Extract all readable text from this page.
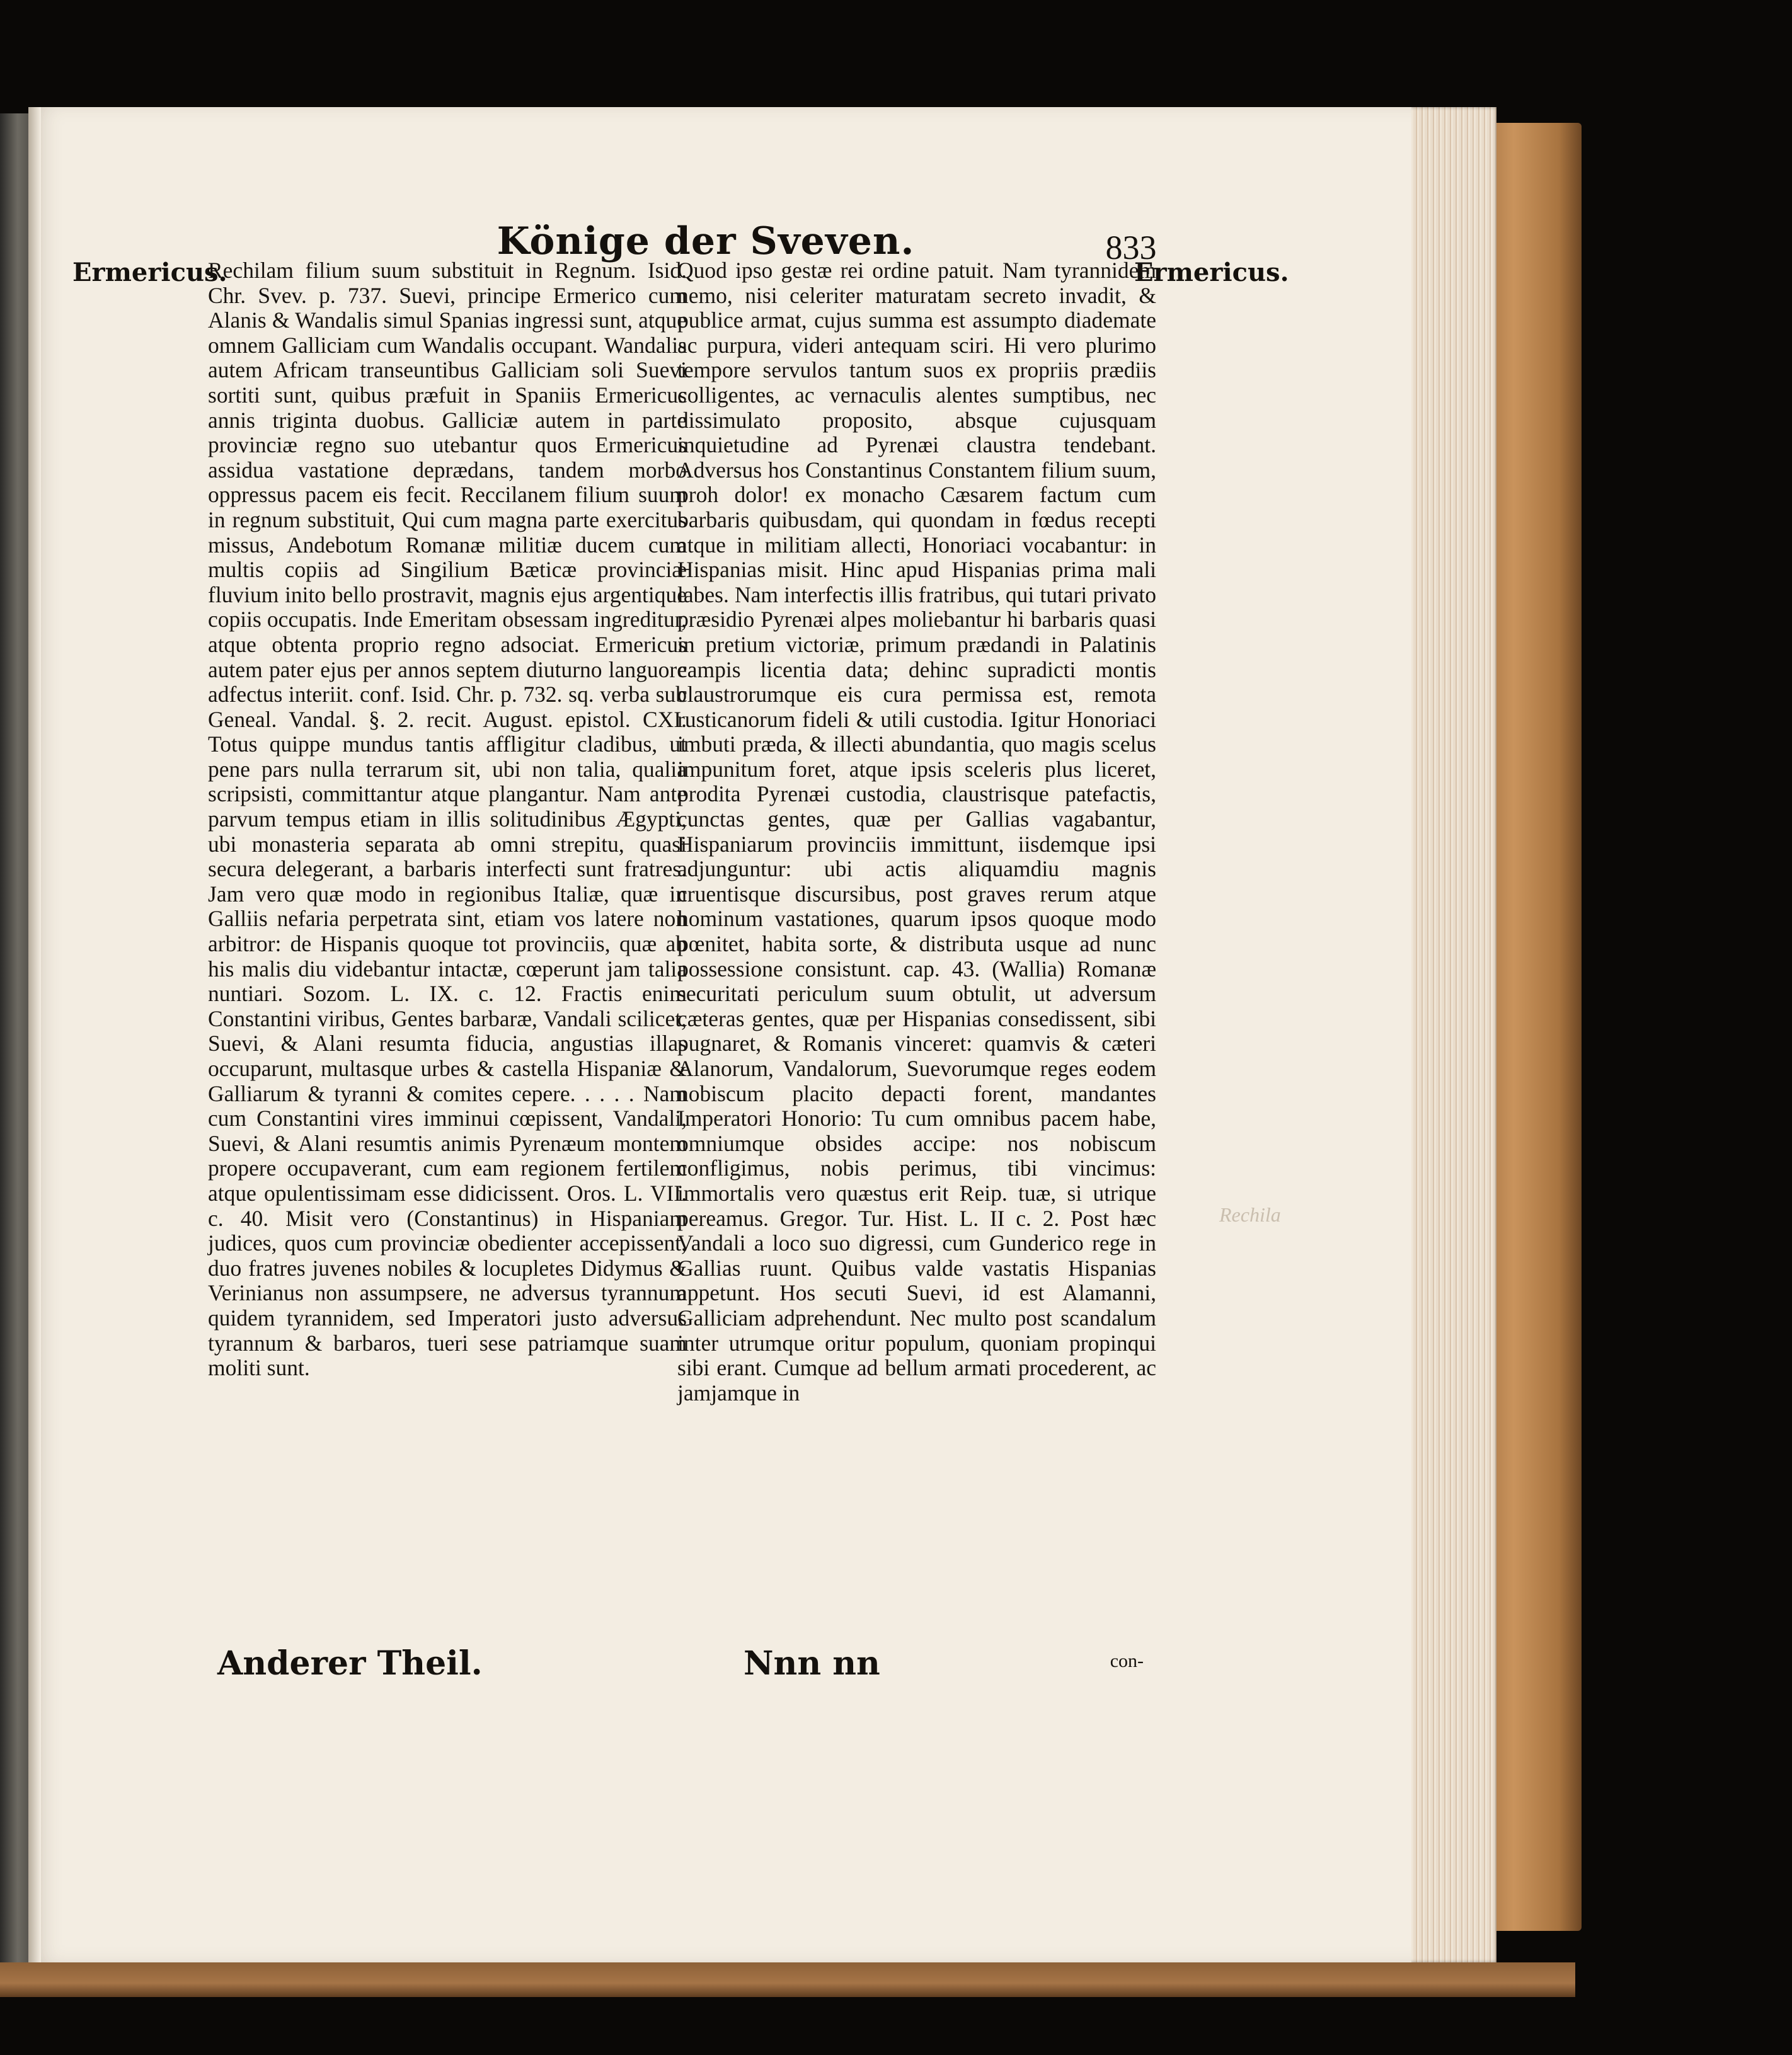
Könige der Sveven.	833
Ermericus.	Ermericus.

Rechilam filium suum substituit in Regnum. Isid. Chr. Svev. p. 737. Suevi, principe Ermerico cum Alanis & Wandalis simul Spanias ingressi sunt, atque omnem Galliciam cum Wandalis occupant. Wandalis autem Africam transeuntibus Galliciam soli Suevi sortiti sunt, quibus præfuit in Spaniis Ermericus annis triginta duobus. Galliciæ autem in parte provinciæ regno suo utebantur quos Ermericus assidua vastatione deprædans, tandem morbo oppressus pacem eis fecit. Reccilanem filium suum in regnum substituit, Qui cum magna parte exercitus missus, Andebotum Romanæ militiæ ducem cum multis copiis ad Singilium Bæticæ provinciæ fluvium inito bello prostravit, magnis ejus argentique copiis occupatis. Inde Emeritam obsessam ingreditur, atque obtenta proprio regno adsociat. Ermericus autem pater ejus per annos septem diuturno languore adfectus interiit. conf. Isid. Chr. p. 732. sq. verba sub Geneal. Vandal. §. 2. recit. August. epistol. CXI. Totus quippe mundus tantis affligitur cladibus, ut pene pars nulla terrarum sit, ubi non talia, qualia scripsisti, committantur atque plangantur. Nam ante parvum tempus etiam in illis solitudinibus Ægypti, ubi monasteria separata ab omni strepitu, quasi secura delegerant, a barbaris interfecti sunt fratres. Jam vero quæ modo in regionibus Italiæ, quæ in Galliis nefaria perpetrata sint, etiam vos latere non arbitror: de Hispanis quoque tot provinciis, quæ ab his malis diu videbantur intactæ, cœperunt jam talia nuntiari. Sozom. L. IX. c. 12. Fractis enim Constantini viribus, Gentes barbaræ, Vandali scilicet, Suevi, & Alani resumta fiducia, angustias illas occuparunt, multasque urbes & castella Hispaniæ & Galliarum & tyranni & comites cepere. . . . . Nam cum Constantini vires imminui cœpissent, Vandali, Suevi, & Alani resumtis animis Pyrenæum montem propere occupaverant, cum eam regionem fertilem atque opulentissimam esse didicissent. Oros. L. VII. c. 40. Misit vero (Constantinus) in Hispaniam judices, quos cum provinciæ obedienter accepissent, duo fratres juvenes nobiles & locupletes Didymus & Verinianus non assumpsere, ne adversus tyrannum quidem tyrannidem, sed Imperatori justo adversus tyrannum & barbaros, tueri sese patriamque suam moliti sunt.

Quod ipso gestæ rei ordine patuit. Nam tyrannidem nemo, nisi celeriter maturatam secreto invadit, & publice armat, cujus summa est assumpto diademate ac purpura, videri antequam sciri. Hi vero plurimo tempore servulos tantum suos ex propriis prædiis colligentes, ac vernaculis alentes sumptibus, nec dissimulato proposito, absque cujusquam inquietudine ad Pyrenæi claustra tendebant. Adversus hos Constantinus Constantem filium suum, proh dolor! ex monacho Cæsarem factum cum barbaris quibusdam, qui quondam in fœdus recepti atque in militiam allecti, Honoriaci vocabantur: in Hispanias misit. Hinc apud Hispanias prima mali labes. Nam interfectis illis fratribus, qui tutari privato præsidio Pyrenæi alpes moliebantur hi barbaris quasi in pretium victoriæ, primum prædandi in Palatinis campis licentia data; dehinc supradicti montis claustrorumque eis cura permissa est, remota rusticanorum fideli & utili custodia. Igitur Honoriaci imbuti præda, & illecti abundantia, quo magis scelus impunitum foret, atque ipsis sceleris plus liceret, prodita Pyrenæi custodia, claustrisque patefactis, cunctas gentes, quæ per Gallias vagabantur, Hispaniarum provinciis immittunt, iisdemque ipsi adjunguntur: ubi actis aliquamdiu magnis cruentisque discursibus, post graves rerum atque hominum vastationes, quarum ipsos quoque modo pœnitet, habita sorte, & distributa usque ad nunc possessione consistunt. cap. 43. (Wallia) Romanæ securitati periculum suum obtulit, ut adversum cæteras gentes, quæ per Hispanias consedissent, sibi pugnaret, & Romanis vinceret: quamvis & cæteri Alanorum, Vandalorum, Suevorumque reges eodem nobiscum placito depacti forent, mandantes Imperatori Honorio: Tu cum omnibus pacem habe, omniumque obsides accipe: nos nobiscum confligimus, nobis perimus, tibi vincimus: immortalis vero quæstus erit Reip. tuæ, si utrique pereamus. Gregor. Tur. Hist. L. II c. 2. Post hæc Vandali a loco suo digressi, cum Gunderico rege in Gallias ruunt. Quibus valde vastatis Hispanias appetunt. Hos secuti Suevi, id est Alamanni, Galliciam adprehendunt. Nec multo post scandalum inter utrumque oritur populum, quoniam propinqui sibi erant. Cumque ad bellum armati procederent, ac jamjamque in

Rechila
Anderer Theil.	Nnn nn	con-
